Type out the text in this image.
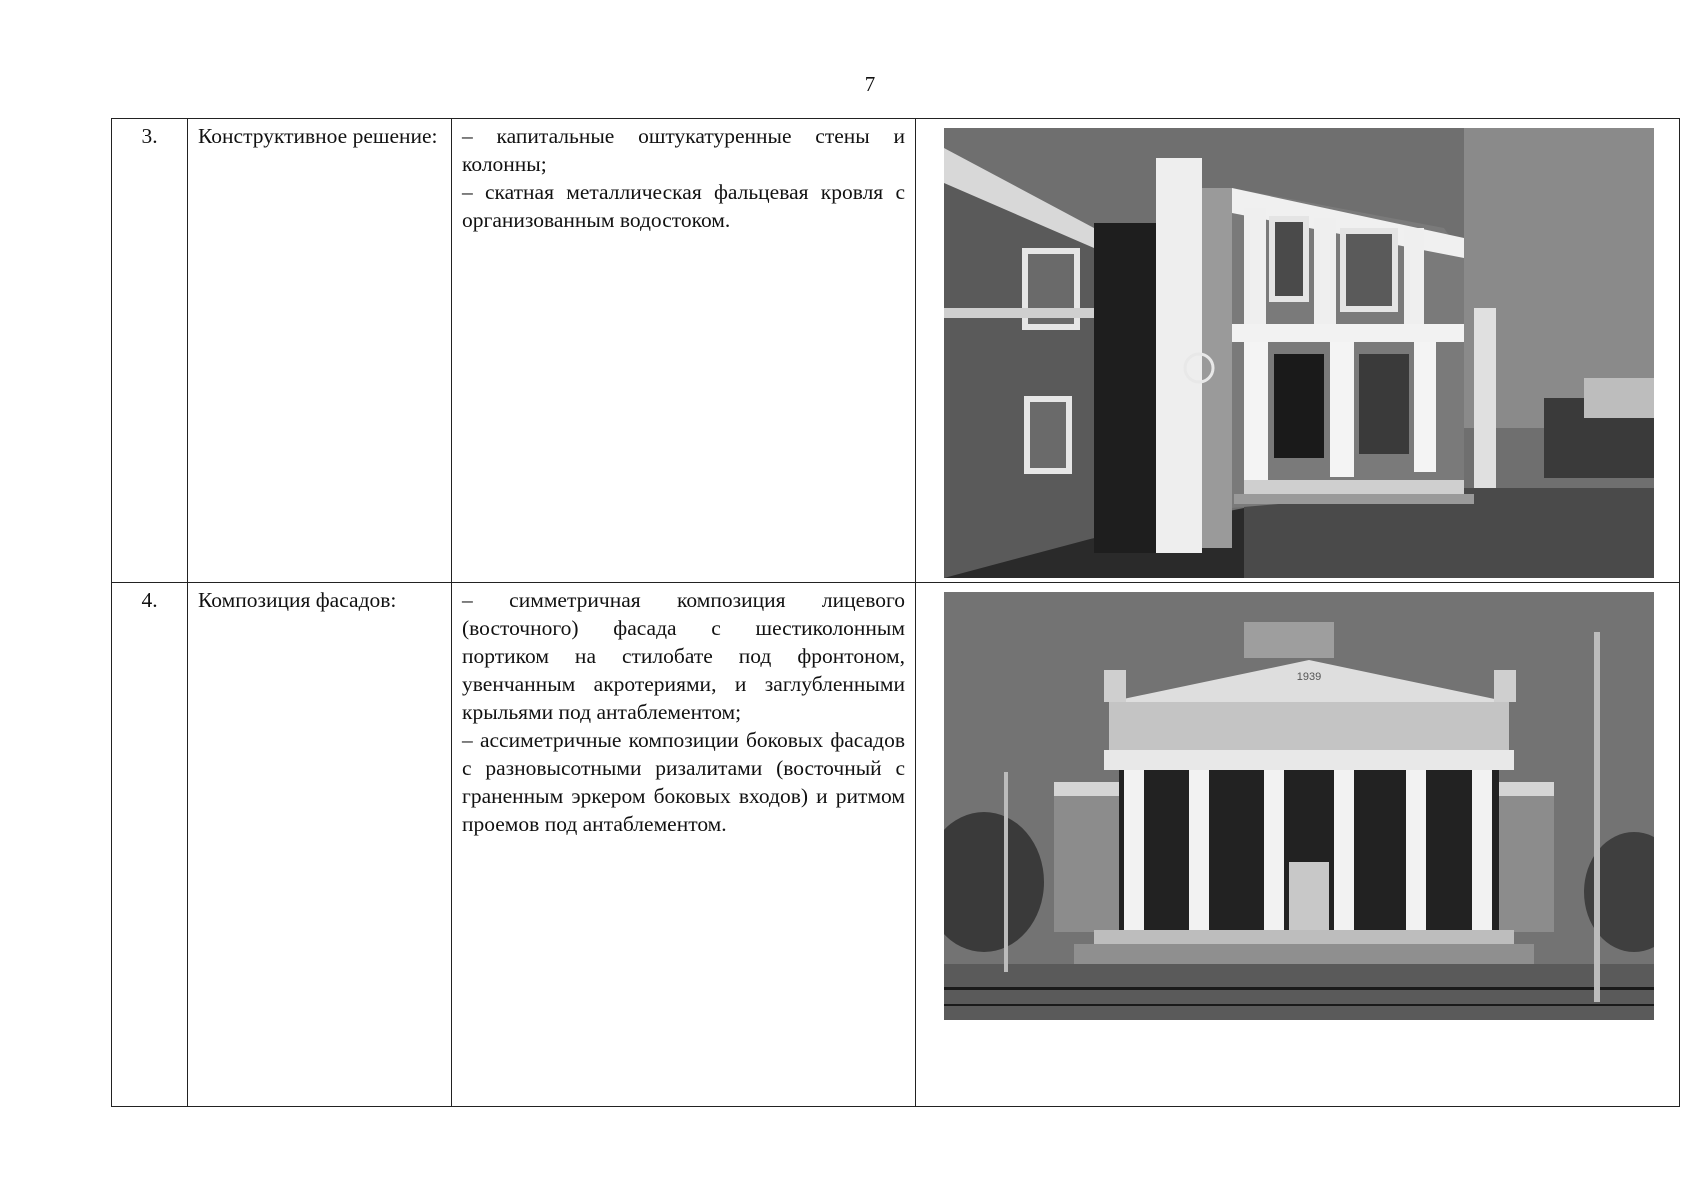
7
3.	Конструктивное решение:	– капитальные оштукатуренные стены и колонны;
– скатная металлическая фальцевая кровля с организованным водостоком.

4.	Композиция фасадов:	– симметричная композиция лицевого (восточного) фасада с шестиколонным портиком на стилобате под фронтоном, увенчанным акротериями, и заглубленными крыльями под антаблементом;
– ассиметричные композиции боковых фасадов с разновысотными ризалитами (восточный с граненным эркером боковых входов) и ритмом проемов под антаблементом.	1939
